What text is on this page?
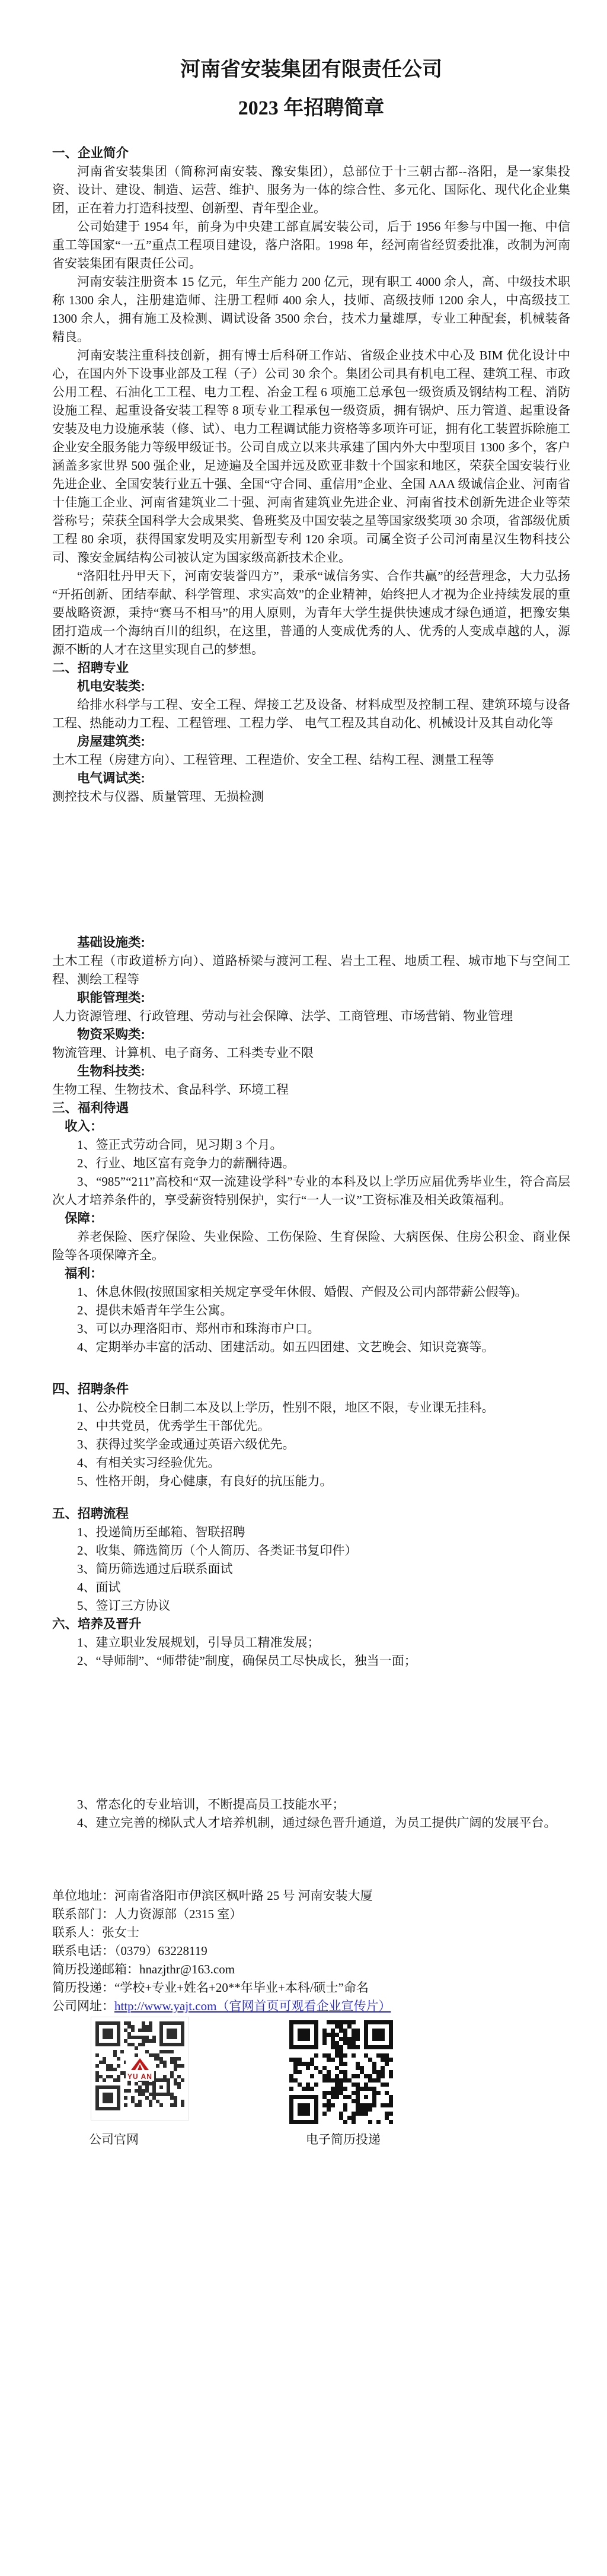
河南省安装集团有限责任公司
2023 年招聘简章
一、企业简介

河南省安装集团（简称河南安装、豫安集团），总部位于十三朝古都--洛阳，是一家集投资、设计、建设、制造、运营、维护、服务为一体的综合性、多元化、国际化、现代化企业集团，正在着力打造科技型、创新型、青年型企业。

公司始建于 1954 年，前身为中央建工部直属安装公司，后于 1956 年参与中国一拖、中信重工等国家“一五”重点工程项目建设，落户洛阳。1998 年，经河南省经贸委批准，改制为河南省安装集团有限责任公司。

河南安装注册资本 15 亿元，年生产能力 200 亿元，现有职工 4000 余人，高、中级技术职称 1300 余人，注册建造师、注册工程师 400 余人，技师、高级技师 1200 余人，中高级技工 1300 余人，拥有施工及检测、调试设备 3500 余台，技术力量雄厚，专业工种配套，机械装备精良。

河南安装注重科技创新，拥有博士后科研工作站、省级企业技术中心及 BIM 优化设计中心，在国内外下设事业部及工程（子）公司 30 余个。集团公司具有机电工程、建筑工程、市政公用工程、石油化工工程、电力工程、冶金工程 6 项施工总承包一级资质及钢结构工程、消防设施工程、起重设备安装工程等 8 项专业工程承包一级资质，拥有锅炉、压力管道、起重设备安装及电力设施承装（修、试）、电力工程调试能力资格等多项许可证，拥有化工装置拆除施工企业安全服务能力等级甲级证书。公司自成立以来共承建了国内外大中型项目 1300 多个，客户涵盖多家世界 500 强企业，足迹遍及全国并远及欧亚非数十个国家和地区，荣获全国安装行业先进企业、全国安装行业五十强、全国“守合同、重信用”企业、全国 AAA 级诚信企业、河南省十佳施工企业、河南省建筑业二十强、河南省建筑业先进企业、河南省技术创新先进企业等荣誉称号；荣获全国科学大会成果奖、鲁班奖及中国安装之星等国家级奖项 30 余项，省部级优质工程 80 余项，获得国家发明及实用新型专利 120 余项。司属全资子公司河南星汉生物科技公司、豫安金属结构公司被认定为国家级高新技术企业。

“洛阳牡丹甲天下，河南安装誉四方”，秉承“诚信务实、合作共赢”的经营理念，大力弘扬“开拓创新、团结奉献、科学管理、求实高效”的企业精神，始终把人才视为企业持续发展的重要战略资源，秉持“赛马不相马”的用人原则，为青年大学生提供快速成才绿色通道，把豫安集团打造成一个海纳百川的组织，在这里，普通的人变成优秀的人、优秀的人变成卓越的人，源源不断的人才在这里实现自己的梦想。

二、招聘专业
机电安装类:

给排水科学与工程、安全工程、焊接工艺及设备、材料成型及控制工程、建筑环境与设备工程、热能动力工程、工程管理、工程力学、 电气工程及其自动化、机械设计及其自动化等

房屋建筑类:

土木工程（房建方向）、工程管理、工程造价、安全工程、结构工程、测量工程等

电气调试类:

测控技术与仪器、质量管理、无损检测

基础设施类:

土木工程（市政道桥方向）、道路桥梁与渡河工程、岩土工程、地质工程、城市地下与空间工程、测绘工程等

职能管理类:

人力资源管理、行政管理、劳动与社会保障、法学、工商管理、市场营销、物业管理

物资采购类:

物流管理、计算机、电子商务、工科类专业不限

生物科技类:

生物工程、生物技术、食品科学、环境工程

三、福利待遇
收入：

1、签正式劳动合同，见习期 3 个月。

2、行业、地区富有竞争力的薪酬待遇。

3、“985”“211”高校和“双一流建设学科”专业的本科及以上学历应届优秀毕业生，符合高层次人才培养条件的，享受薪资特别保护，实行“一人一议”工资标准及相关政策福利。

保障：

养老保险、医疗保险、失业保险、工伤保险、生育保险、大病医保、住房公积金、商业保险等各项保障齐全。

福利：

1、休息休假(按照国家相关规定享受年休假、婚假、产假及公司内部带薪公假等)。

2、提供未婚青年学生公寓。

3、可以办理洛阳市、郑州市和珠海市户口。

4、定期举办丰富的活动、团建活动。如五四团建、文艺晚会、知识竞赛等。

四、招聘条件

1、公办院校全日制二本及以上学历，性别不限，地区不限，专业课无挂科。

2、中共党员，优秀学生干部优先。

3、获得过奖学金或通过英语六级优先。

4、有相关实习经验优先。

5、性格开朗，身心健康，有良好的抗压能力。

五、招聘流程

1、投递简历至邮箱、智联招聘

2、收集、筛选简历（个人简历、各类证书复印件）

3、简历筛选通过后联系面试

4、面试

5、签订三方协议

六、培养及晋升

1、建立职业发展规划，引导员工精准发展；

2、“导师制”、“师带徒”制度，确保员工尽快成长，独当一面；

3、常态化的专业培训，不断提高员工技能水平；

4、建立完善的梯队式人才培养机制，通过绿色晋升通道，为员工提供广阔的发展平台。

单位地址：河南省洛阳市伊滨区枫叶路 25 号 河南安装大厦
联系部门：人力资源部（2315 室）
联系人：张女士
联系电话：（0379）63228119
简历投递邮箱：hnazjthr@163.com
简历投递：“学校+专业+姓名+20**年毕业+本科/硕士”命名
公司网址：http://www.yajt.com（官网首页可观看企业宣传片）
YU AN
公司官网	电子简历投递
